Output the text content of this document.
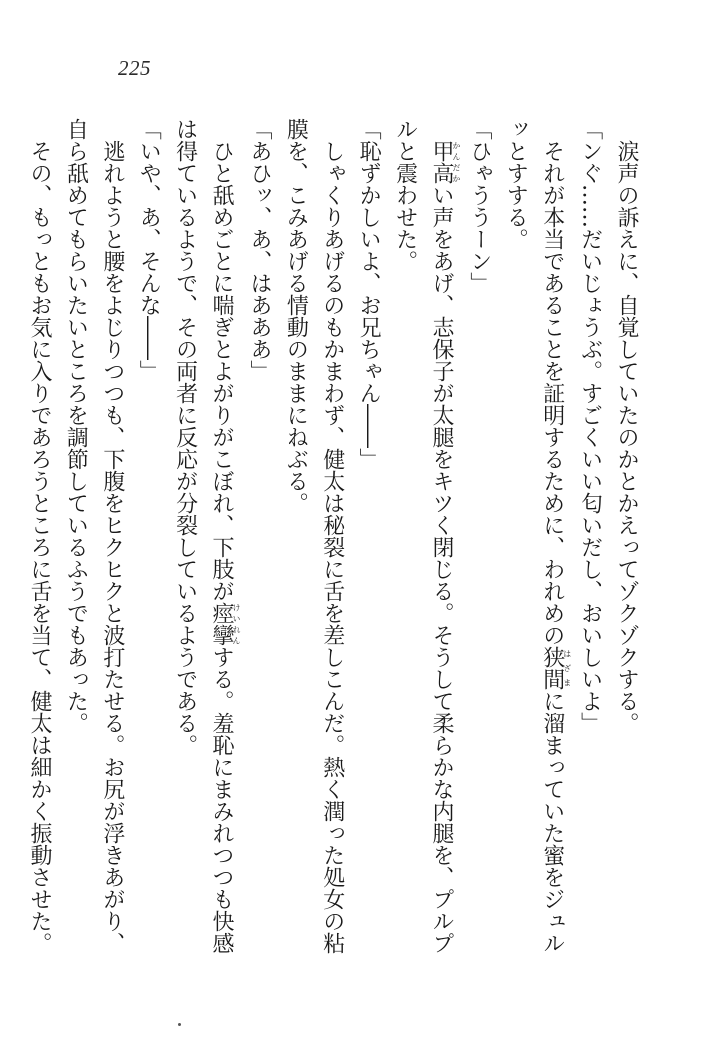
225
　涙声の訴えに、自覚していたのかとかえってゾクゾクする。
「ンぐ……だいじょうぶ。すごくいい匂いだし、おいしいよ」
　それが本当であることを証明するために、われめの狭間はざまに溜まっていた蜜をジュル
ッとすする。
「ひゃううーン」
　甲高かんだかい声をあげ、志保子が太腿をキツく閉じる。そうして柔らかな内腿を、プルプ
ルと震わせた。
「恥ずかしいよ、お兄ちゃん――」
　しゃくりあげるのもかまわず、健太は秘裂に舌を差しこんだ。熱く潤った処女の粘
膜を、こみあげる情動のままにねぶる。
「あひッ、あ、はあああ」
　ひと舐めごとに喘ぎとよがりがこぼれ、下肢が痙攣けいれんする。羞恥にまみれつつも快感
は得ているようで、その両者に反応が分裂しているようである。
「いや、あ、そんな――」
　逃れようと腰をよじりつつも、下腹をヒクヒクと波打たせる。お尻が浮きあがり、
自ら舐めてもらいたいところを調節しているふうでもあった。
　その、もっともお気に入りであろうところに舌を当て、健太は細かく振動させた。
